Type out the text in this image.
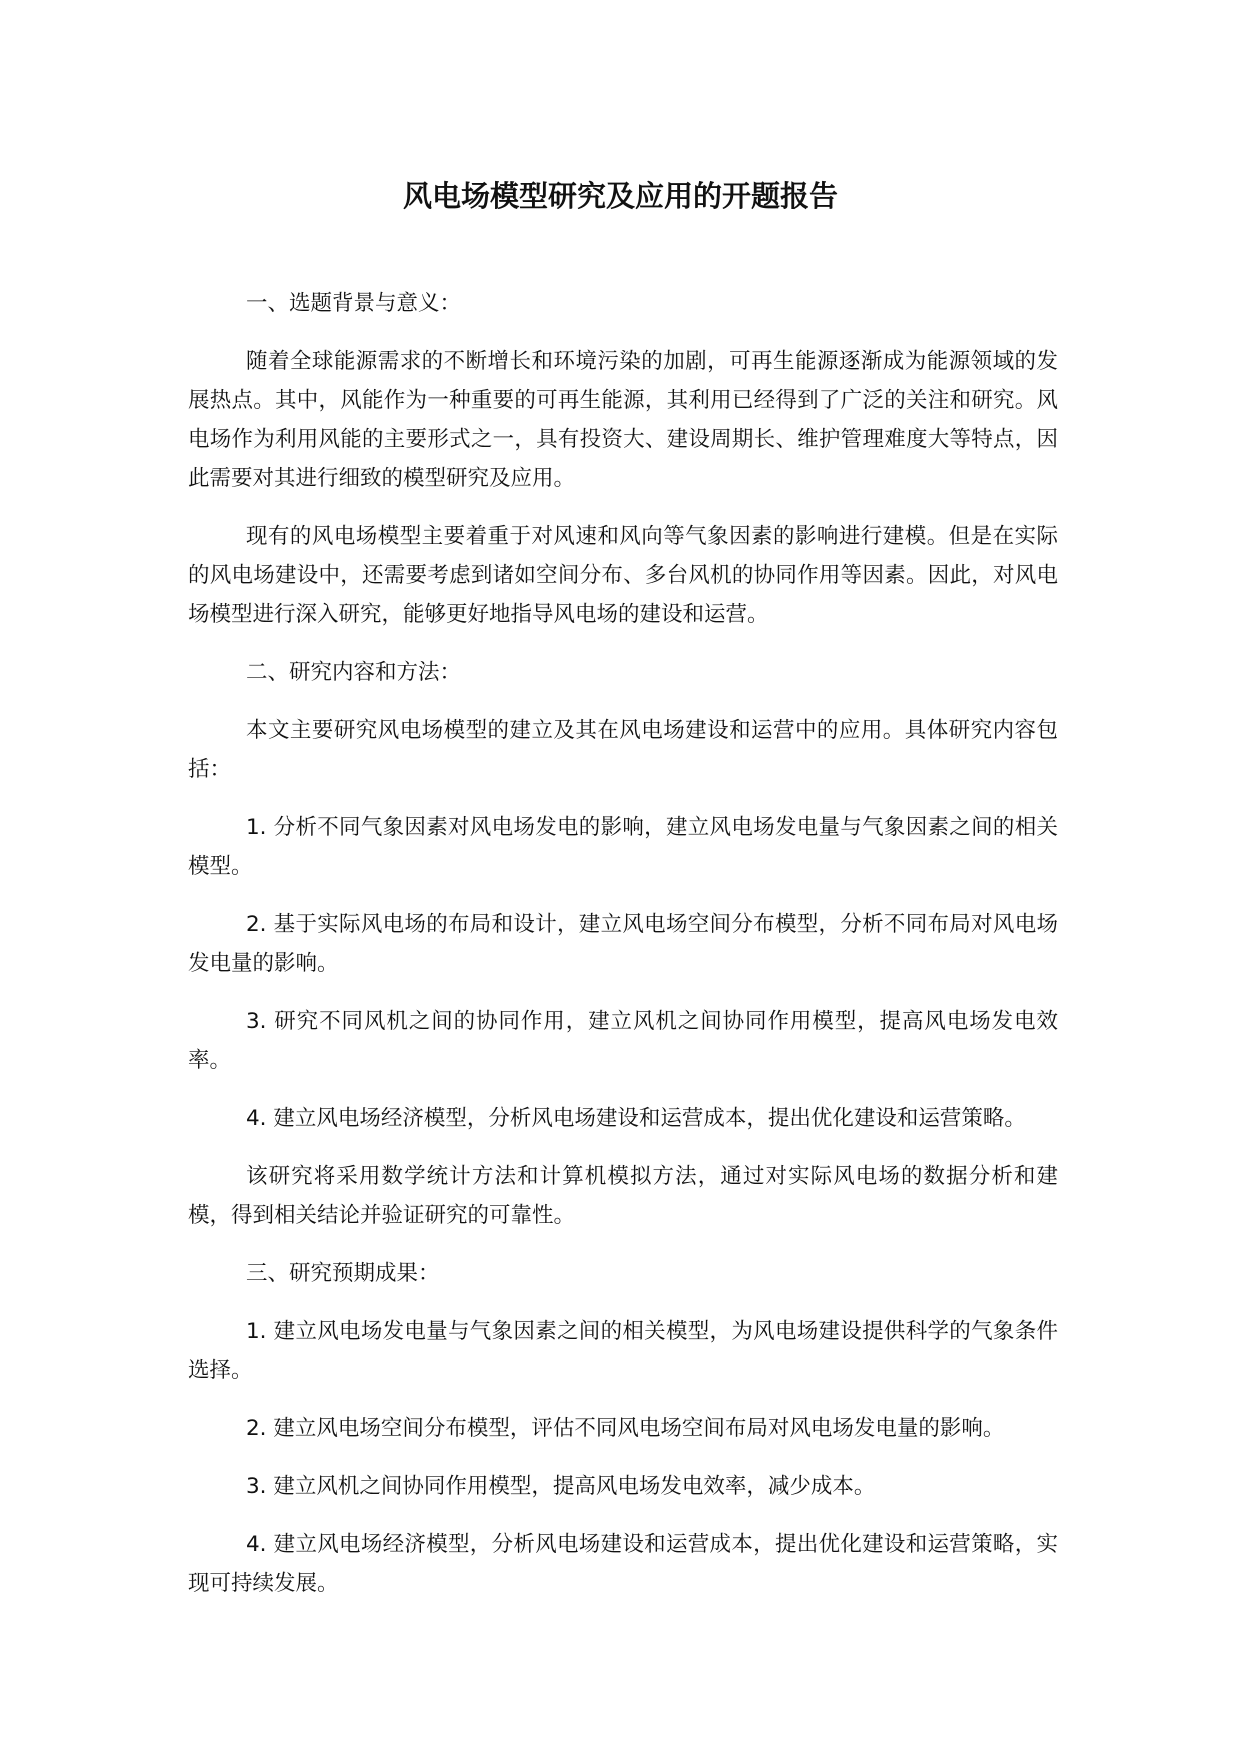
风电场模型研究及应用的开题报告

一、选题背景与意义：

随着全球能源需求的不断增长和环境污染的加剧，可再生能源逐渐成为能源领域的发展热点。其中，风能作为一种重要的可再生能源，其利用已经得到了广泛的关注和研究。风电场作为利用风能的主要形式之一，具有投资大、建设周期长、维护管理难度大等特点，因此需要对其进行细致的模型研究及应用。

现有的风电场模型主要着重于对风速和风向等气象因素的影响进行建模。但是在实际的风电场建设中，还需要考虑到诸如空间分布、多台风机的协同作用等因素。因此，对风电场模型进行深入研究，能够更好地指导风电场的建设和运营。

二、研究内容和方法：

本文主要研究风电场模型的建立及其在风电场建设和运营中的应用。具体研究内容包括：

1. 分析不同气象因素对风电场发电的影响，建立风电场发电量与气象因素之间的相关模型。

2. 基于实际风电场的布局和设计，建立风电场空间分布模型，分析不同布局对风电场发电量的影响。

3. 研究不同风机之间的协同作用，建立风机之间协同作用模型，提高风电场发电效率。

4. 建立风电场经济模型，分析风电场建设和运营成本，提出优化建设和运营策略。

该研究将采用数学统计方法和计算机模拟方法，通过对实际风电场的数据分析和建模，得到相关结论并验证研究的可靠性。

三、研究预期成果：

1. 建立风电场发电量与气象因素之间的相关模型，为风电场建设提供科学的气象条件选择。

2. 建立风电场空间分布模型，评估不同风电场空间布局对风电场发电量的影响。

3. 建立风机之间协同作用模型，提高风电场发电效率，减少成本。

4. 建立风电场经济模型，分析风电场建设和运营成本，提出优化建设和运营策略，实现可持续发展。
